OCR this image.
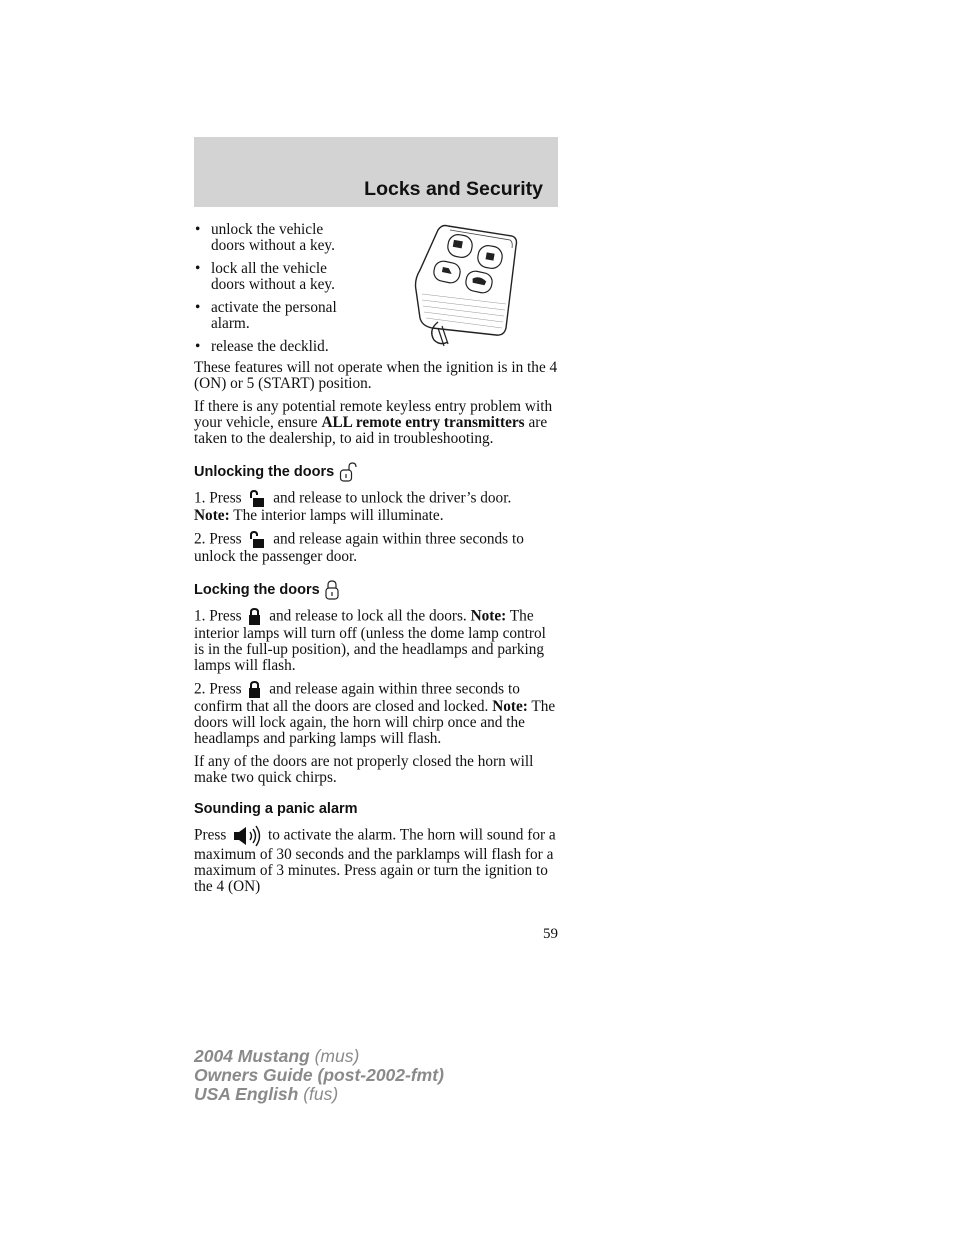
Locks and Security
• unlock the vehicle
doors without a key.
• lock all the vehicle
doors without a key.
• activate the personal
alarm.
• release the decklid.

These features will not operate when the ignition is in the 4 (ON) or 5 (START) position.

If there is any potential remote keyless entry problem with your vehicle, ensure ALL remote entry transmitters are taken to the dealership, to aid in troubleshooting.

Unlocking the doors

1. Press  and release to unlock the driver’s door.
Note: The interior lamps will illuminate.

2. Press  and release again within three seconds to unlock the passenger door.

Locking the doors

1. Press  and release to lock all the doors. Note: The interior lamps will turn off (unless the dome lamp control is in the full-up position), and the headlamps and parking lamps will flash.

2. Press  and release again within three seconds to confirm that all the doors are closed and locked. Note: The doors will lock again, the horn will chirp once and the headlamps and parking lamps will flash.

If any of the doors are not properly closed the horn will make two quick chirps.

Sounding a panic alarm

Press  to activate the alarm. The horn will sound for a maximum of 30 seconds and the parklamps will flash for a maximum of 3 minutes. Press again or turn the ignition to the 4 (ON)

59
2004 Mustang (mus)
Owners Guide (post-2002-fmt)
USA English (fus)
